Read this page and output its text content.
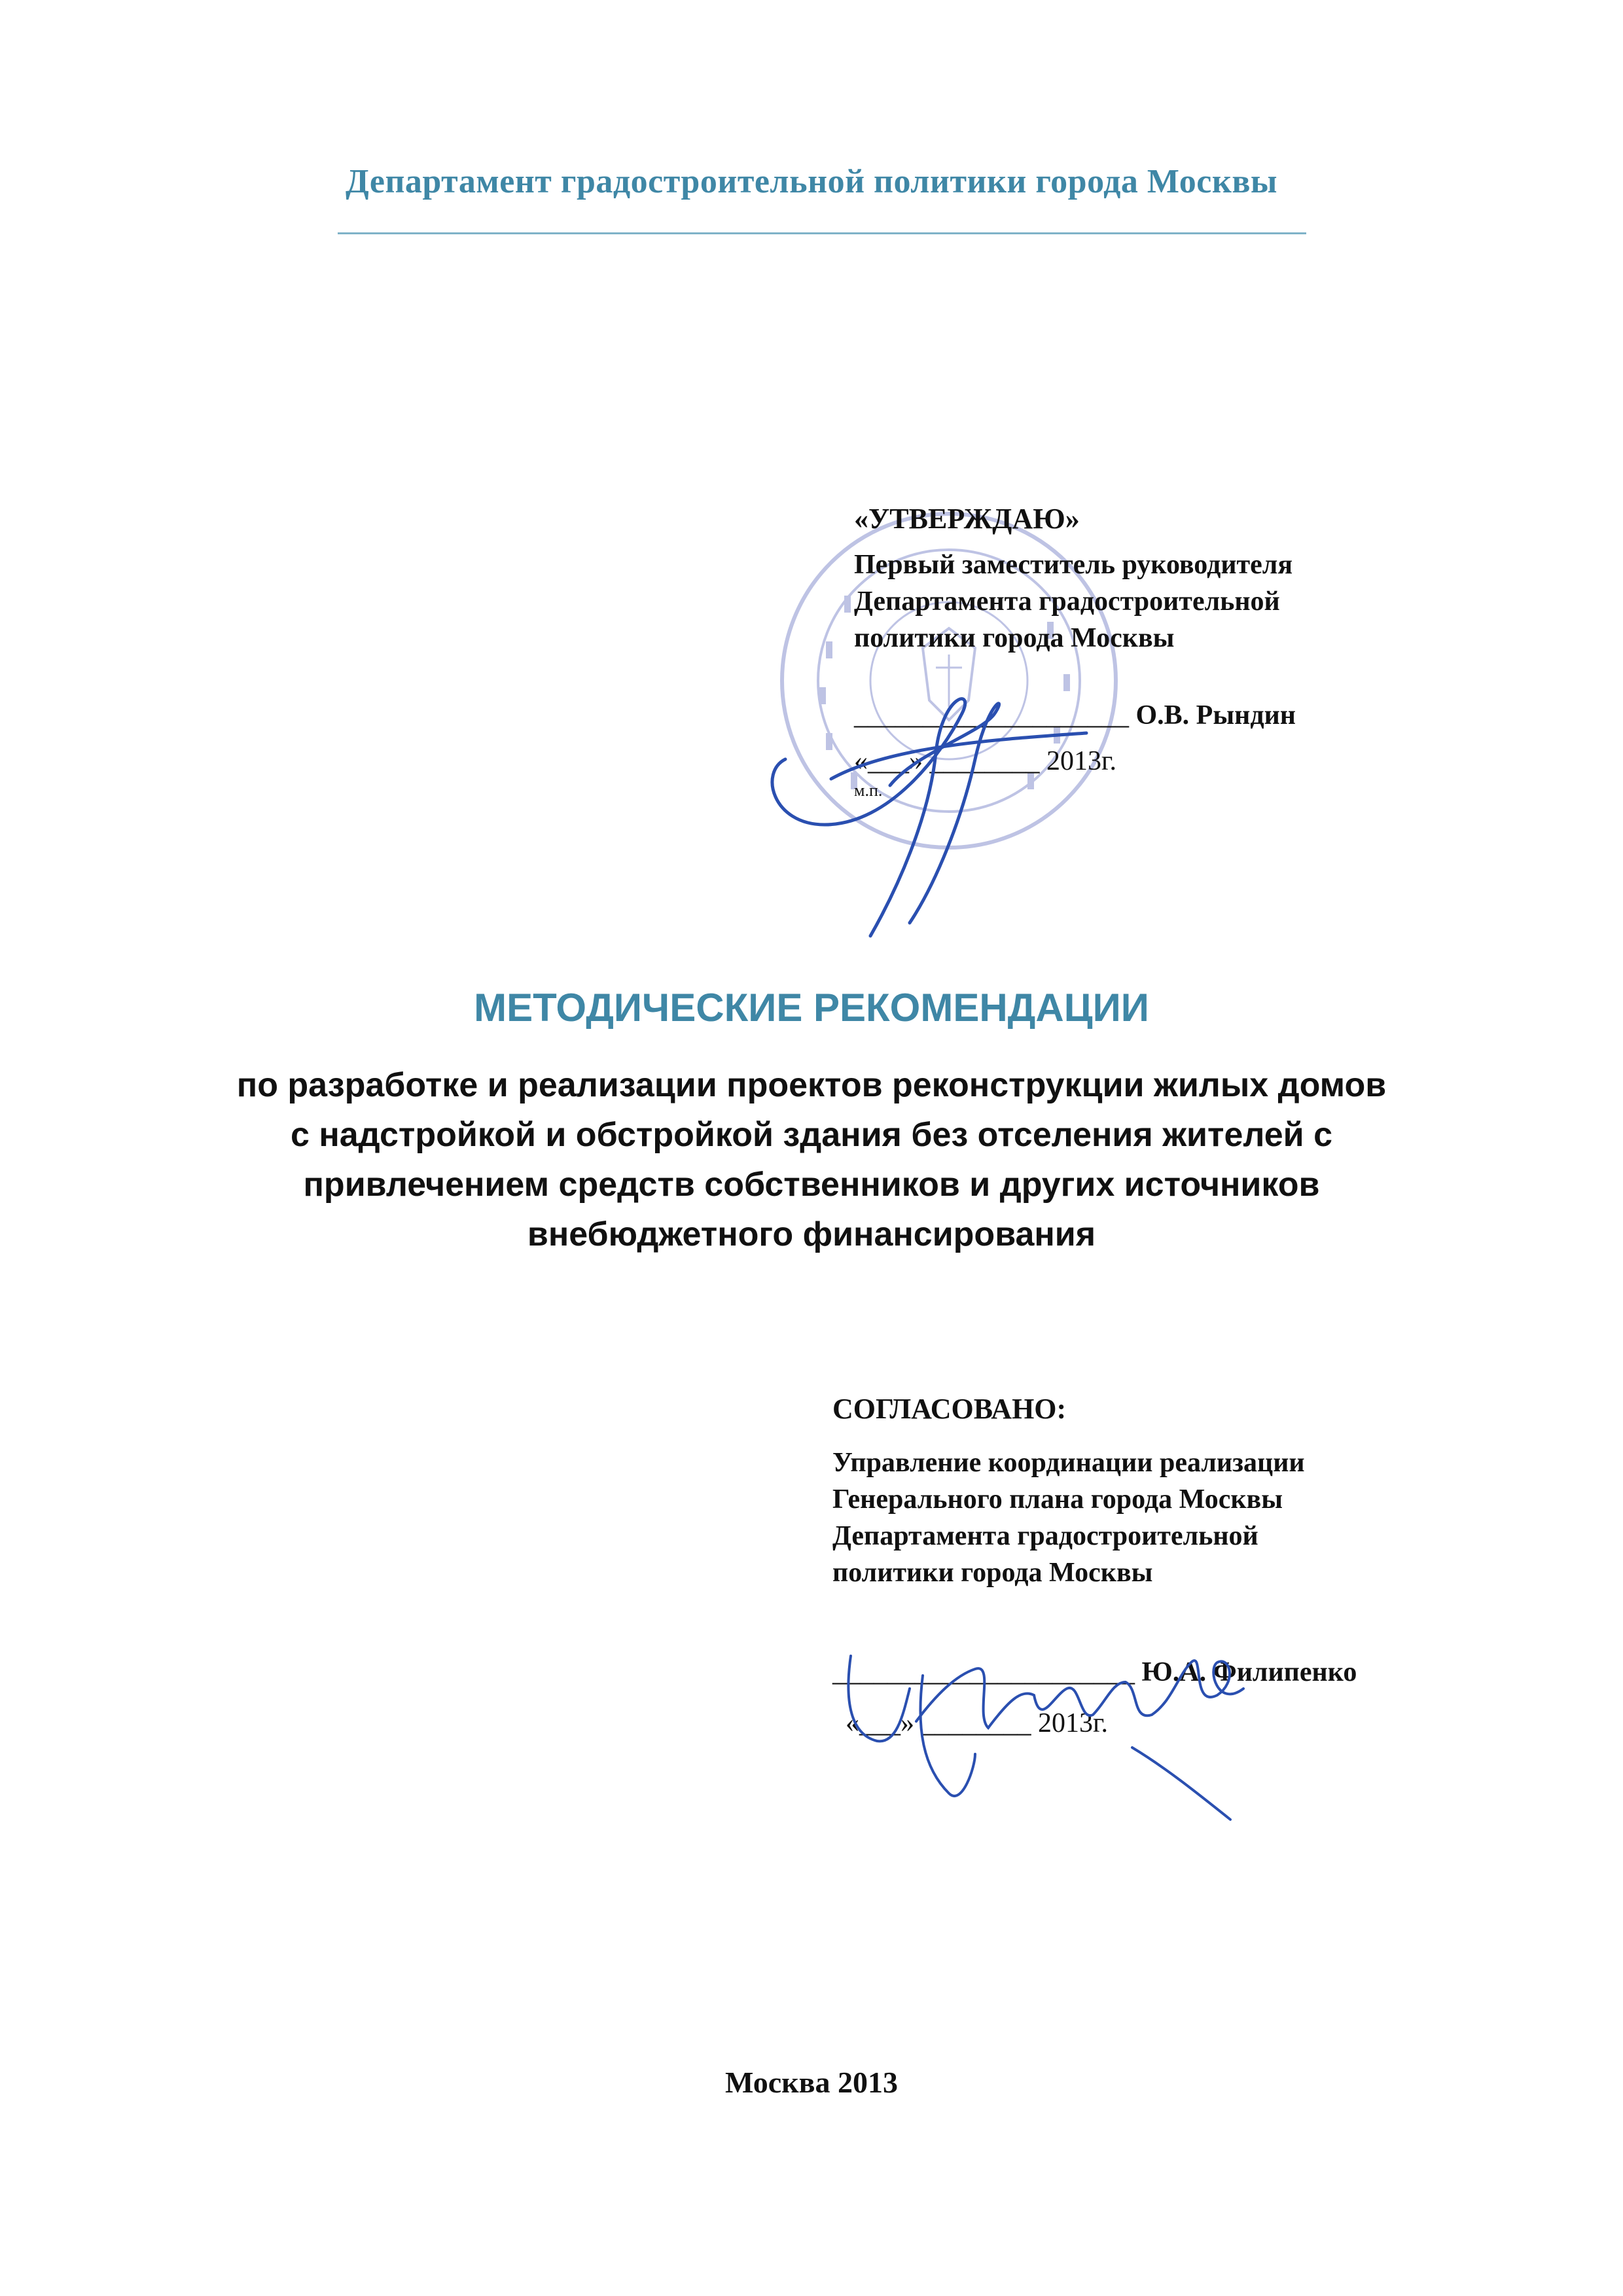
Департамент градостроительной политики города Москвы
«УТВЕРЖДАЮ»
Первый заместитель руководителя
Департамента градостроительной
политики города Москвы
____________________ О.В. Рындин
«___» ________ 2013г.
м.п.
МЕТОДИЧЕСКИЕ РЕКОМЕНДАЦИИ
по разработке и реализации проектов реконструкции жилых домов
с надстройкой и обстройкой здания без отселения жителей с
привлечением средств собственников и других источников
внебюджетного финансирования
СОГЛАСОВАНО:
Управление координации реализации
Генерального плана города Москвы
Департамента градостроительной
политики города Москвы
______________________ Ю.А. Филипенко
«___» ________ 2013г.
Москва 2013
